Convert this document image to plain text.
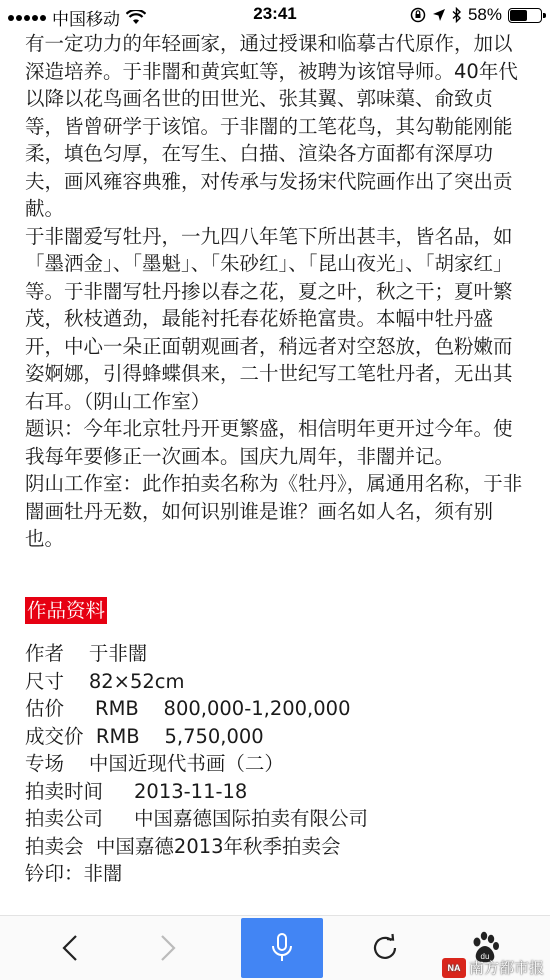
中国移动	23:41	58%

有一定功力的年轻画家，通过授课和临摹古代原作，加以深造培养。于非闇和黄宾虹等，被聘为该馆导师。40年代以降以花鸟画名世的田世光、张其翼、郭味蕖、俞致贞等，皆曾研学于该馆。于非闇的工笔花鸟，其勾勒能刚能柔，填色匀厚，在写生、白描、渲染各方面都有深厚功夫，画风雍容典雅，对传承与发扬宋代院画作出了突出贡献。

于非闇爱写牡丹，一九四八年笔下所出甚丰，皆名品，如「墨洒金」、「墨魁」、「朱砂红」、「昆山夜光」、「胡家红」等。于非闇写牡丹掺以春之花，夏之叶，秋之干；夏叶繁茂，秋枝遒劲，最能衬托春花娇艳富贵。本幅中牡丹盛开，中心一朵正面朝观画者，稍远者对空怒放，色粉嫩而姿婀娜，引得蜂蝶俱来，二十世纪写工笔牡丹者，无出其右耳。（阴山工作室）

题识：今年北京牡丹开更繁盛，相信明年更开过今年。使我每年要修正一次画本。国庆九周年，非闇并记。

阴山工作室：此作拍卖名称为《牡丹》，属通用名称，于非闇画牡丹无数，如何识别谁是谁？画名如人名，须有别也。

作品资料

作者 于非闇

尺寸 82×52cm

估价 RMB    800,000-1,200,000

成交价 RMB    5,750,000

专场 中国近现代书画（二）

拍卖时间 2013-11-18

拍卖公司 中国嘉德国际拍卖有限公司

拍卖会 中国嘉德2013年秋季拍卖会

钤印：非闇

du
NA 南方都市报
